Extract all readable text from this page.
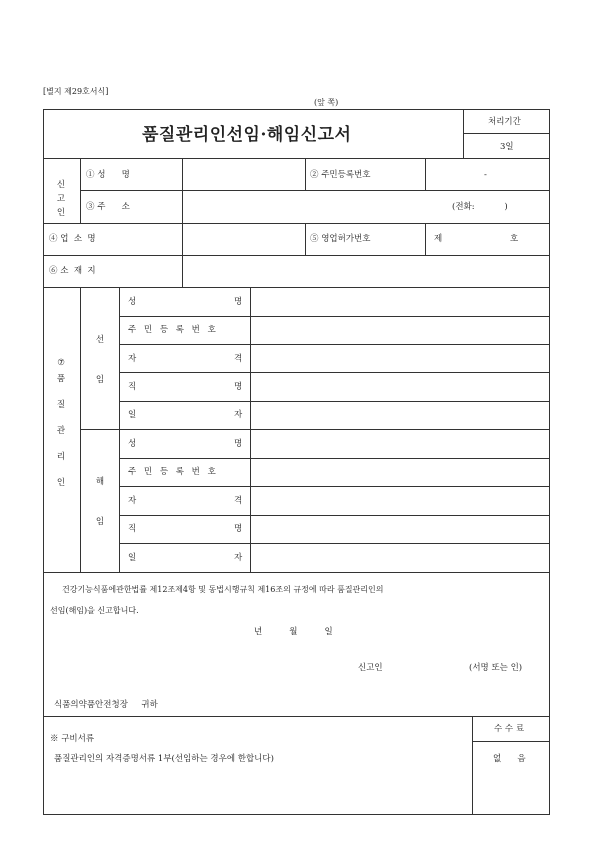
[별지 제29호서식]
(앞 쪽)
품질관리인선임·해임신고서
처리기간
3일
신고인
① 성      명	② 주민등록번호	-
③ 주      소	(전화:           )
④ 업  소  명	⑤ 영업허가번호	제	호
⑥ 소  재  지
⑦
품
질
관
리
인
선
임
해
임
성	명
주 민 등 록 번 호
자	격
직	명
일	자
성	명
주 민 등 록 번 호
자	격
직	명
일	자
건강기능식품에관한법률 제12조제4항 및 동법시행규칙 제16조의 규정에 따라 품질관리인의
선임(해임)을 신고합니다.
년          월          일
신고인	(서명 또는 인)
식품의약품안전청장     귀하
※ 구비서류
품질관리인의 자격증명서류 1부(선임하는 경우에 한합니다)
수 수 료
없      음
